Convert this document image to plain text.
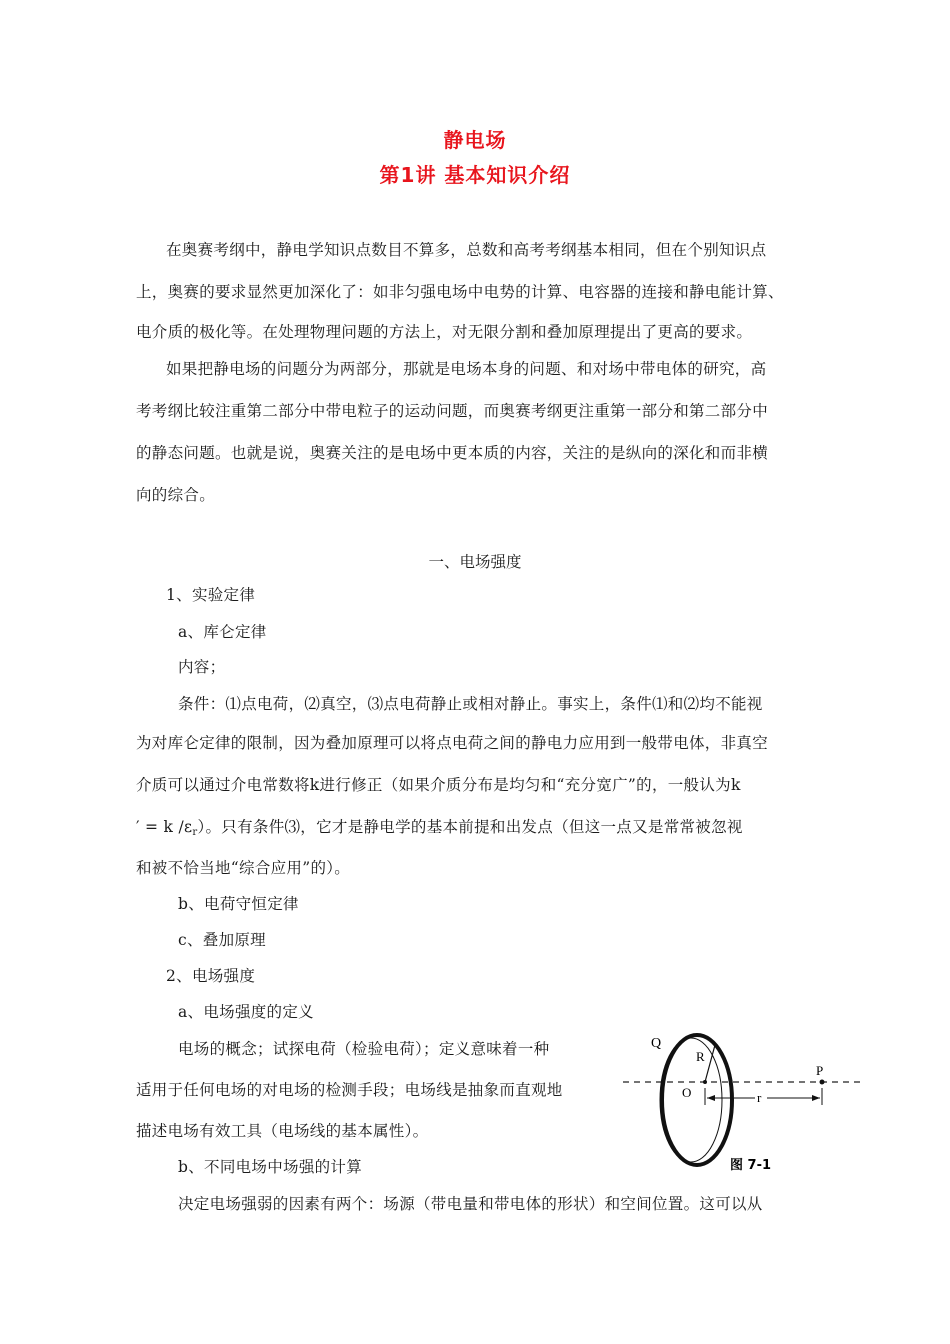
静电场
第1讲 基本知识介绍
在奥赛考纲中，静电学知识点数目不算多，总数和高考考纲基本相同，但在个别知识点
上，奥赛的要求显然更加深化了：如非匀强电场中电势的计算、电容器的连接和静电能计算、
电介质的极化等。在处理物理问题的方法上，对无限分割和叠加原理提出了更高的要求。
如果把静电场的问题分为两部分，那就是电场本身的问题、和对场中带电体的研究，高
考考纲比较注重第二部分中带电粒子的运动问题，而奥赛考纲更注重第一部分和第二部分中
的静态问题。也就是说，奥赛关注的是电场中更本质的内容，关注的是纵向的深化和而非横
向的综合。
一、电场强度
1、实验定律
a、库仑定律
内容；
条件：⑴点电荷，⑵真空，⑶点电荷静止或相对静止。事实上，条件⑴和⑵均不能视
为对库仑定律的限制，因为叠加原理可以将点电荷之间的静电力应用到一般带电体，非真空
介质可以通过介电常数将k进行修正（如果介质分布是均匀和“充分宽广”的，一般认为k
′ = k $/\varepsilon_r$）。只有条件⑶，它才是静电学的基本前提和出发点（但这一点又是常常被忽视
和被不恰当地“综合应用”的）。
b、电荷守恒定律
c、叠加原理
2、电场强度
a、电场强度的定义
电场的概念；试探电荷（检验电荷）；定义意味着一种
适用于任何电场的对电场的检测手段；电场线是抽象而直观地
描述电场有效工具（电场线的基本属性）。
b、不同电场中场强的计算
决定电场强弱的因素有两个：场源（带电量和带电体的形状）和空间位置。这可以从
Q
R
O
P
r
图 7-1
